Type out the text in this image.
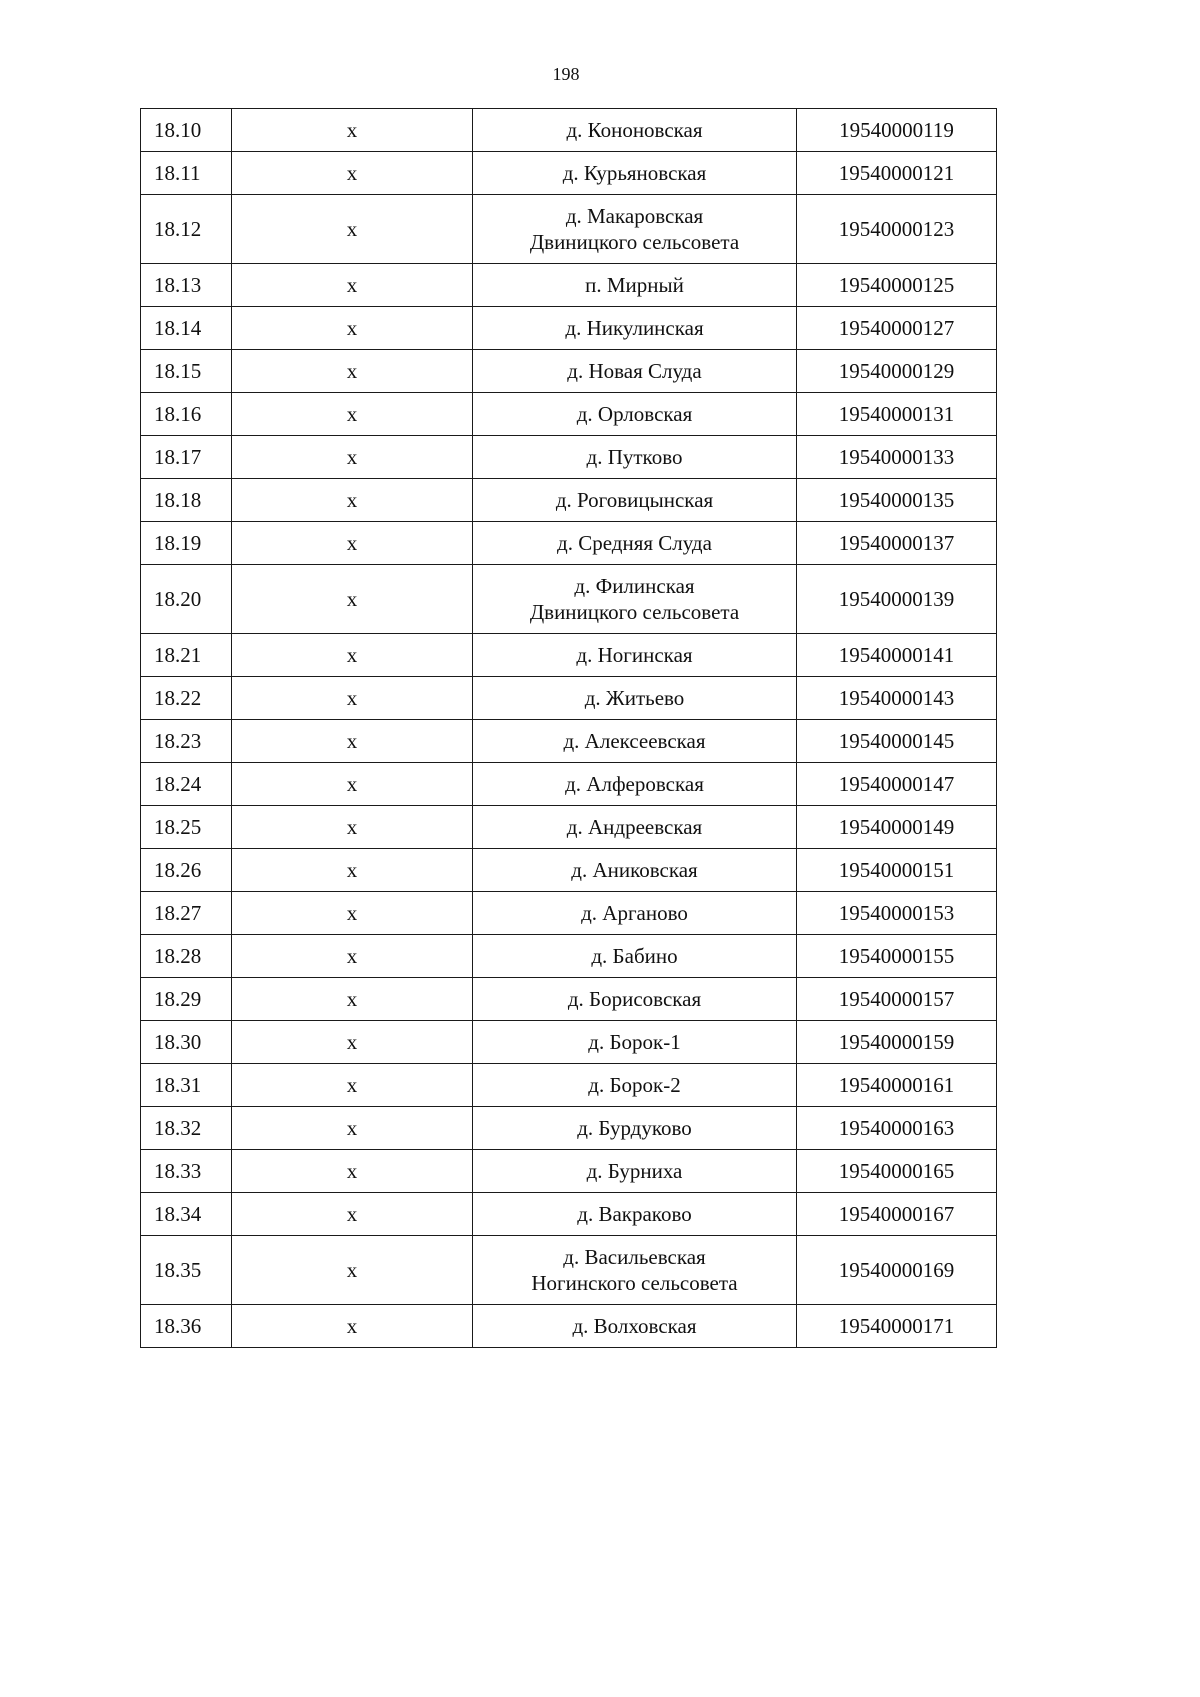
198
18.10	x	д. Кононовская	19540000119
18.11	x	д. Курьяновская	19540000121
18.12	x	д. Макаровская
Двиницкого сельсовета	19540000123
18.13	x	п. Мирный	19540000125
18.14	x	д. Никулинская	19540000127
18.15	x	д. Новая Слуда	19540000129
18.16	x	д. Орловская	19540000131
18.17	x	д. Путково	19540000133
18.18	x	д. Роговицынская	19540000135
18.19	x	д. Средняя Слуда	19540000137
18.20	x	д. Филинская
Двиницкого сельсовета	19540000139
18.21	x	д. Ногинская	19540000141
18.22	x	д. Житьево	19540000143
18.23	x	д. Алексеевская	19540000145
18.24	x	д. Алферовская	19540000147
18.25	x	д. Андреевская	19540000149
18.26	x	д. Аниковская	19540000151
18.27	x	д. Арганово	19540000153
18.28	x	д. Бабино	19540000155
18.29	x	д. Борисовская	19540000157
18.30	x	д. Борок-1	19540000159
18.31	x	д. Борок-2	19540000161
18.32	x	д. Бурдуково	19540000163
18.33	x	д. Бурниха	19540000165
18.34	x	д. Вакраково	19540000167
18.35	x	д. Васильевская
Ногинского сельсовета	19540000169
18.36	x	д. Волховская	19540000171
